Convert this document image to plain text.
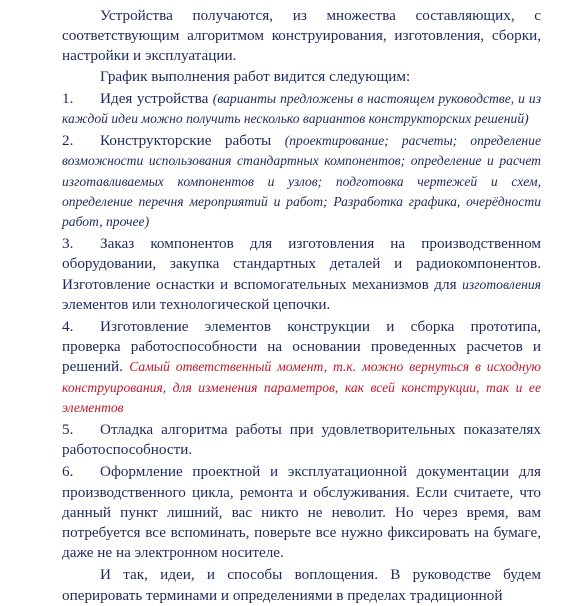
Устройства получаются, из множества составляющих, с соответствующим алгоритмом конструирования, изготовления, сборки, настройки и эксплуатации.

График выполнения работ видится следующим:

1. Идея устройства (варианты предложены в настоящем руководстве, и из каждой идеи можно получить несколько вариантов конструкторских решений)

2. Конструкторские работы (проектирование; расчеты; определение возможности использования стандартных компонентов; определение и расчет изготавливаемых компонентов и узлов; подготовка чертежей и схем, определение перечня мероприятий и работ; Разработка графика, очерёдности работ, прочее)

3. Заказ компонентов для изготовления на производственном оборудовании, закупка стандартных деталей и радиокомпонентов. Изготовление оснастки и вспомогательных механизмов для изготовления элементов или технологической цепочки.

4. Изготовление элементов конструкции и сборка прототипа, проверка работоспособности на основании проведенных расчетов и решений. Самый ответственный момент, т.к. можно вернуться в исходную конструирования, для изменения параметров, как всей конструкции, так и ее элементов

5. Отладка алгоритма работы при удовлетворительных показателях работоспособности.

6. Оформление проектной и эксплуатационной документации для производственного цикла, ремонта и обслуживания. Если считаете, что данный пункт лишний, вас никто не неволит. Но через время, вам потребуется все вспоминать, поверьте все нужно фиксировать на бумаге, даже не на электронном носителе.

И так, идеи, и способы воплощения. В руководстве будем оперировать терминами и определениями в пределах традиционной
